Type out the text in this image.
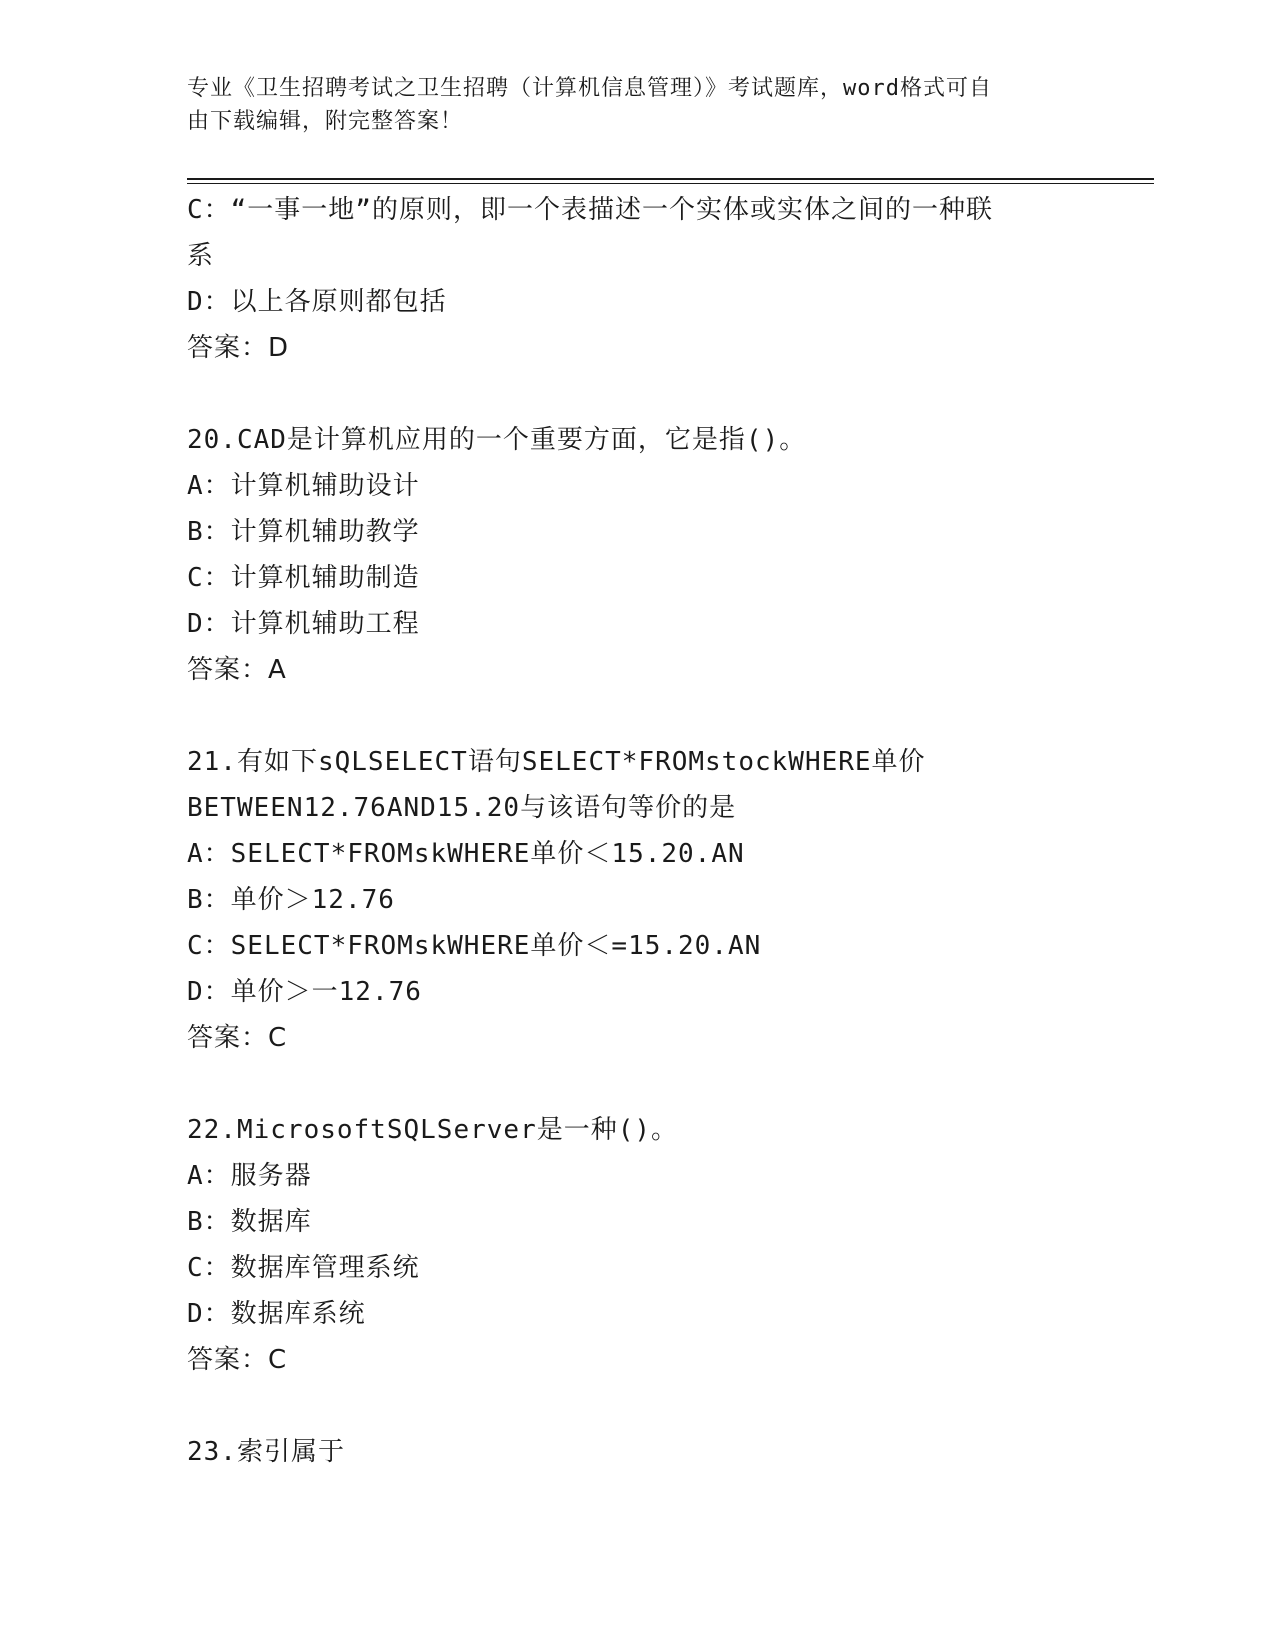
专业《卫生招聘考试之卫生招聘（计算机信息管理）》考试题库，word格式可自
由下载编辑，附完整答案！
C：“一事一地”的原则，即一个表描述一个实体或实体之间的一种联
系
D：以上各原则都包括
答案：D
20.CAD是计算机应用的一个重要方面，它是指()。
A：计算机辅助设计
B：计算机辅助教学
C：计算机辅助制造
D：计算机辅助工程
答案：A
21.有如下sQLSELECT语句SELECT*FROMstockWHERE单价
BETWEEN12.76AND15.20与该语句等价的是
A：SELECT*FROMskWHERE单价＜15.20.AN
B：单价＞12.76
C：SELECT*FROMskWHERE单价＜=15.20.AN
D：单价＞一12.76
答案：C
22.MicrosoftSQLServer是一种()。
A：服务器
B：数据库
C：数据库管理系统
D：数据库系统
答案：C
23.索引属于
